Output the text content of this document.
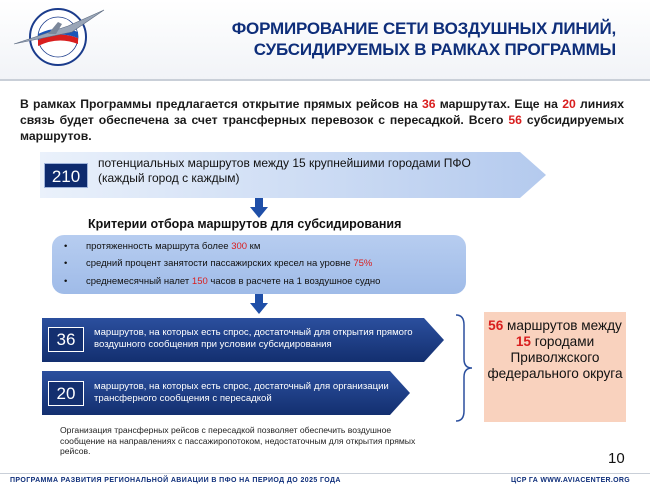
ФОРМИРОВАНИЕ СЕТИ ВОЗДУШНЫХ ЛИНИЙ,
СУБСИДИРУЕМЫХ В РАМКАХ ПРОГРАММЫ
В рамках Программы предлагается открытие прямых рейсов на 36 маршрутах. Еще на 20 линиях связь будет обеспечена за счет трансферных перевозок с пересадкой. Всего 56 субсидируемых маршрутов.
210
потенциальных маршрутов между 15 крупнейшими городами ПФО (каждый город с каждым)
Критерии отбора маршрутов для субсидирования
• протяженность маршрута более 300 км
• средний процент занятости пассажирских кресел на уровне 75%
• среднемесячный налет 150 часов в расчете на 1 воздушное судно
36	маршрутов, на которых есть спрос, достаточный для открытия прямого воздушного сообщения при условии субсидирования
20	маршрутов, на которых есть спрос, достаточный для организации трансферного сообщения с пересадкой
56 маршрутов между 15 городами Приволжского федерального округа
Организация трансферных рейсов с пересадкой позволяет обеспечить воздушное сообщение на направлениях с пассажиропотоком, недостаточным для открытия прямых рейсов.	10
ПРОГРАММА РАЗВИТИЯ РЕГИОНАЛЬНОЙ АВИАЦИИ В ПФО НА ПЕРИОД ДО 2025 ГОДА	ЦСР ГА WWW.AVIACENTER.ORG
